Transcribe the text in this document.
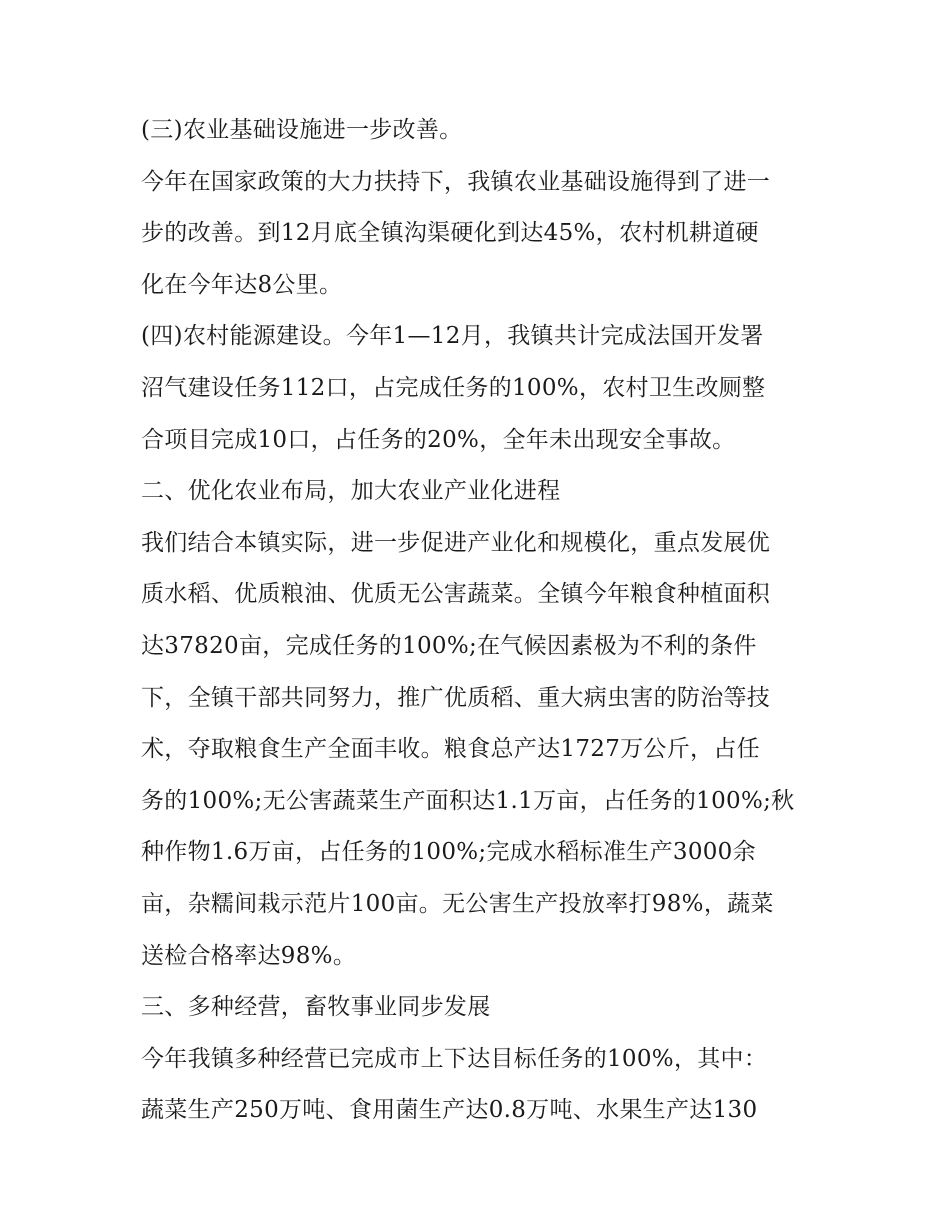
(三)农业基础设施进一步改善。

今年在国家政策的大力扶持下，我镇农业基础设施得到了进一

步的改善。到12月底全镇沟渠硬化到达45%，农村机耕道硬

化在今年达8公里。

(四)农村能源建设。今年1—12月，我镇共计完成法国开发署

沼气建设任务112口，占完成任务的100%，农村卫生改厕整

合项目完成10口，占任务的20%，全年未出现安全事故。

二、优化农业布局，加大农业产业化进程

我们结合本镇实际，进一步促进产业化和规模化，重点发展优

质水稻、优质粮油、优质无公害蔬菜。全镇今年粮食种植面积

达37820亩，完成任务的100%;在气候因素极为不利的条件

下，全镇干部共同努力，推广优质稻、重大病虫害的防治等技

术，夺取粮食生产全面丰收。粮食总产达1727万公斤，占任

务的100%;无公害蔬菜生产面积达1.1万亩，占任务的100%;秋

种作物1.6万亩，占任务的100%;完成水稻标准生产3000余

亩，杂糯间栽示范片100亩。无公害生产投放率打98%，蔬菜

送检合格率达98%。

三、多种经营，畜牧事业同步发展

今年我镇多种经营已完成市上下达目标任务的100%，其中：

蔬菜生产250万吨、食用菌生产达0.8万吨、水果生产达130
